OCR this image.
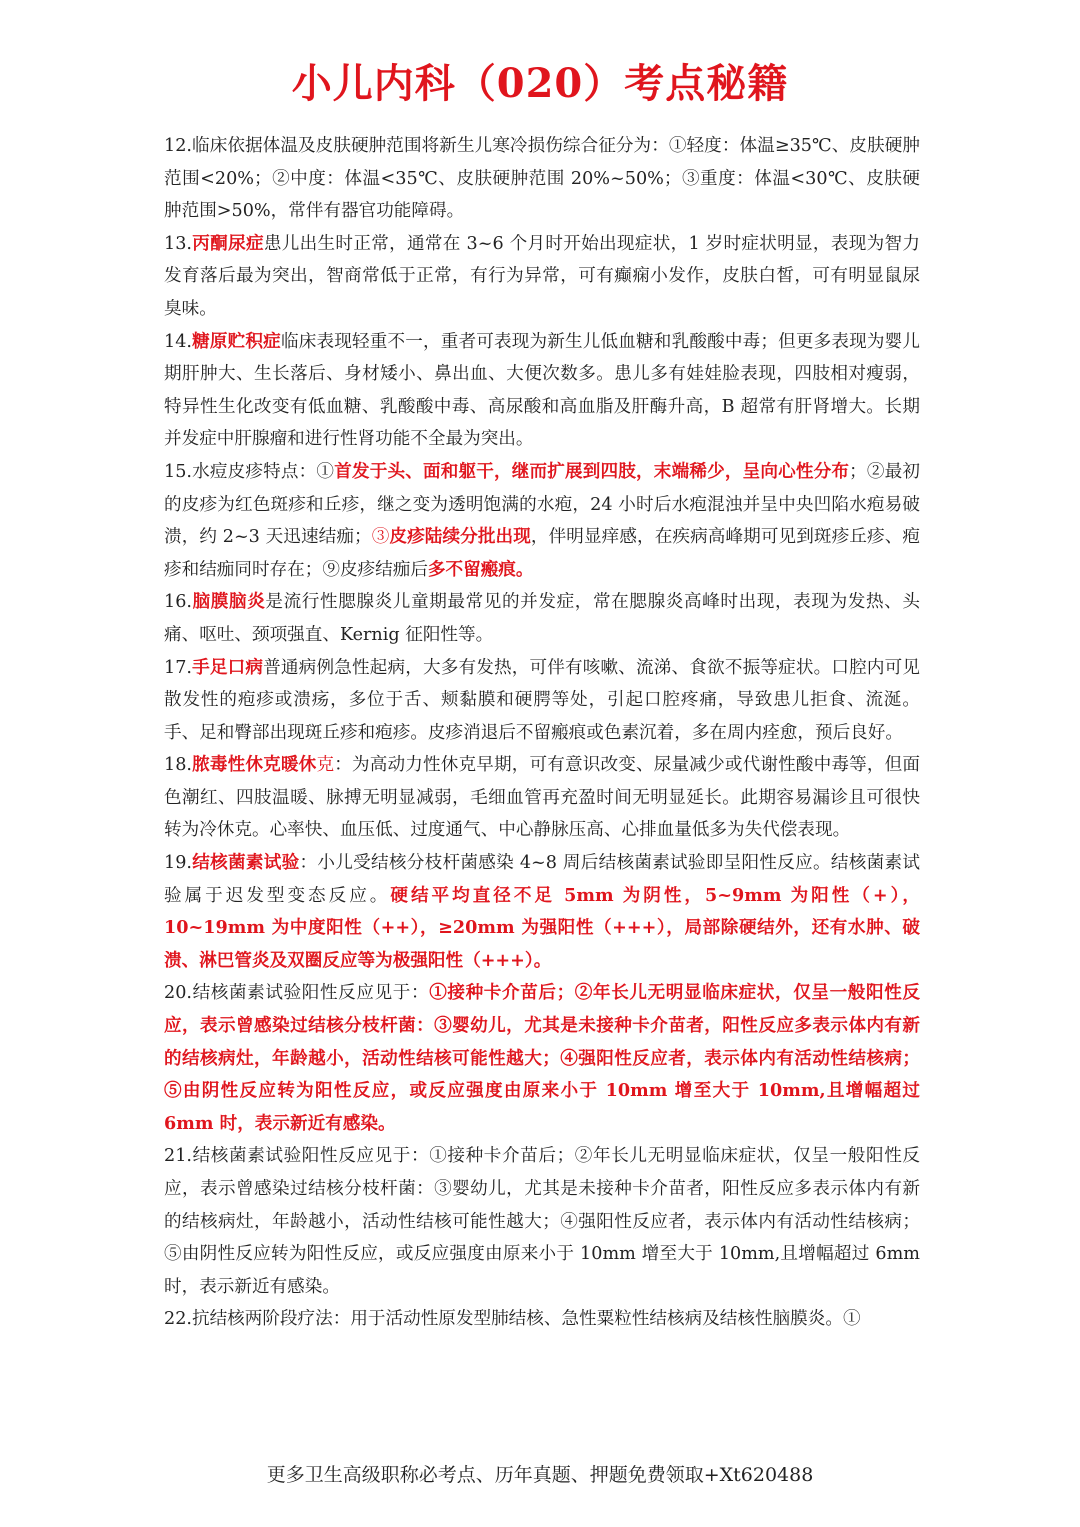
小儿内科（020）考点秘籍

12.临床依据体温及皮肤硬肿范围将新生儿寒冷损伤综合征分为：①轻度：体温≥35℃、皮肤硬肿范围<20%；②中度：体温<35℃、皮肤硬肿范围 20%~50%；③重度：体温<30℃、皮肤硬肿范围>50%，常伴有器官功能障碍。

13.丙酮尿症患儿出生时正常，通常在 3~6 个月时开始出现症状，1 岁时症状明显，表现为智力发育落后最为突出，智商常低于正常，有行为异常，可有癫痫小发作，皮肤白皙，可有明显鼠尿臭味。

14.糖原贮积症临床表现轻重不一，重者可表现为新生儿低血糖和乳酸酸中毒；但更多表现为婴儿期肝肿大、生长落后、身材矮小、鼻出血、大便次数多。患儿多有娃娃脸表现，四肢相对瘦弱，特异性生化改变有低血糖、乳酸酸中毒、高尿酸和高血脂及肝酶升高，B 超常有肝肾增大。长期并发症中肝腺瘤和进行性肾功能不全最为突出。

15.水痘皮疹特点：①首发于头、面和躯干，继而扩展到四肢，末端稀少，呈向心性分布；②最初的皮疹为红色斑疹和丘疹，继之变为透明饱满的水疱，24 小时后水疱混浊并呈中央凹陷水疱易破溃，约 2~3 天迅速结痂；③皮疹陆续分批出现，伴明显痒感，在疾病高峰期可见到斑疹丘疹、疱疹和结痂同时存在；⑨皮疹结痂后多不留瘢痕。

16.脑膜脑炎是流行性腮腺炎儿童期最常见的并发症，常在腮腺炎高峰时出现，表现为发热、头痛、呕吐、颈项强直、Kernig 征阳性等。

17.手足口病普通病例急性起病，大多有发热，可伴有咳嗽、流涕、食欲不振等症状。口腔内可见散发性的疱疹或溃疡，多位于舌、颊黏膜和硬腭等处，引起口腔疼痛，导致患儿拒食、流涎。手、足和臀部出现斑丘疹和疱疹。皮疹消退后不留瘢痕或色素沉着，多在周内痊愈，预后良好。

18.脓毒性休克暖休克：为高动力性休克早期，可有意识改变、尿量减少或代谢性酸中毒等，但面色潮红、四肢温暖、脉搏无明显减弱，毛细血管再充盈时间无明显延长。此期容易漏诊且可很快转为冷休克。心率快、血压低、过度通气、中心静脉压高、心排血量低多为失代偿表现。

19.结核菌素试验：小儿受结核分枝杆菌感染 4~8 周后结核菌素试验即呈阳性反应。结核菌素试验属于迟发型变态反应。硬结平均直径不足 5mm 为阴性，5~9mm 为阳性（+），10~19mm 为中度阳性（++），≥20mm 为强阳性（+++），局部除硬结外，还有水肿、破溃、淋巴管炎及双圈反应等为极强阳性（+++）。

20.结核菌素试验阳性反应见于：①接种卡介苗后；②年长儿无明显临床症状，仅呈一般阳性反应，表示曾感染过结核分枝杆菌：③婴幼儿，尤其是未接种卡介苗者，阳性反应多表示体内有新的结核病灶，年龄越小，活动性结核可能性越大；④强阳性反应者，表示体内有活动性结核病；⑤由阴性反应转为阳性反应，或反应强度由原来小于 10mm 增至大于 10mm,且增幅超过 6mm 时，表示新近有感染。

21.结核菌素试验阳性反应见于：①接种卡介苗后；②年长儿无明显临床症状，仅呈一般阳性反应，表示曾感染过结核分枝杆菌：③婴幼儿，尤其是未接种卡介苗者，阳性反应多表示体内有新的结核病灶，年龄越小，活动性结核可能性越大；④强阳性反应者，表示体内有活动性结核病；⑤由阴性反应转为阳性反应，或反应强度由原来小于 10mm 增至大于 10mm,且增幅超过 6mm 时，表示新近有感染。

22.抗结核两阶段疗法：用于活动性原发型肺结核、急性粟粒性结核病及结核性脑膜炎。①

更多卫生高级职称必考点、历年真题、押题免费领取+Xt620488
